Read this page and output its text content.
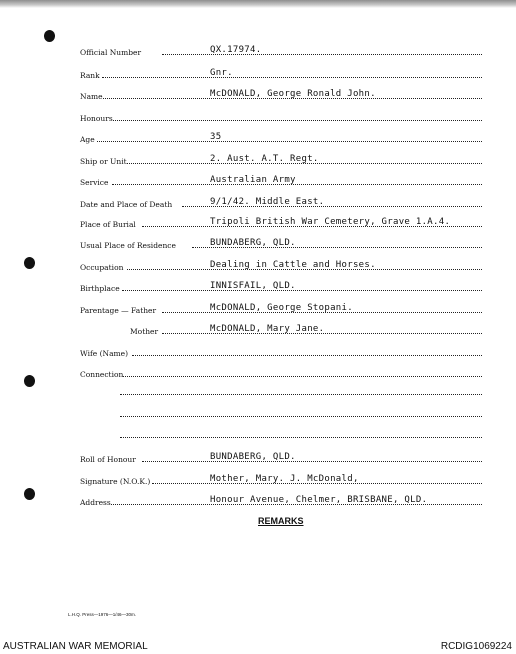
Official Number	QX.17974.
Rank	Gnr.
Name	McDONALD, George Ronald John.
Honours
Age	35
Ship or Unit	2. Aust. A.T. Regt.
Service	Australian Army
Date and Place of Death	9/1/42. Middle East.
Place of Burial	Tripoli British War Cemetery, Grave 1.A.4.
Usual Place of Residence	BUNDABERG, QLD.
Occupation	Dealing in Cattle and Horses.
Birthplace	INNISFAIL, QLD.
Parentage — Father	McDONALD, George Stopani.
Mother	McDONALD, Mary Jane.
Wife (Name)
Connection
Roll of Honour	BUNDABERG, QLD.
Signature (N.O.K.)	Mother, Mary. J. McDonald,
Address	Honour Avenue, Chelmer, BRISBANE, QLD.
REMARKS
L.H.Q. Press—1976—1/46—30m.
AUSTRALIAN WAR MEMORIAL	RCDIG1069224
